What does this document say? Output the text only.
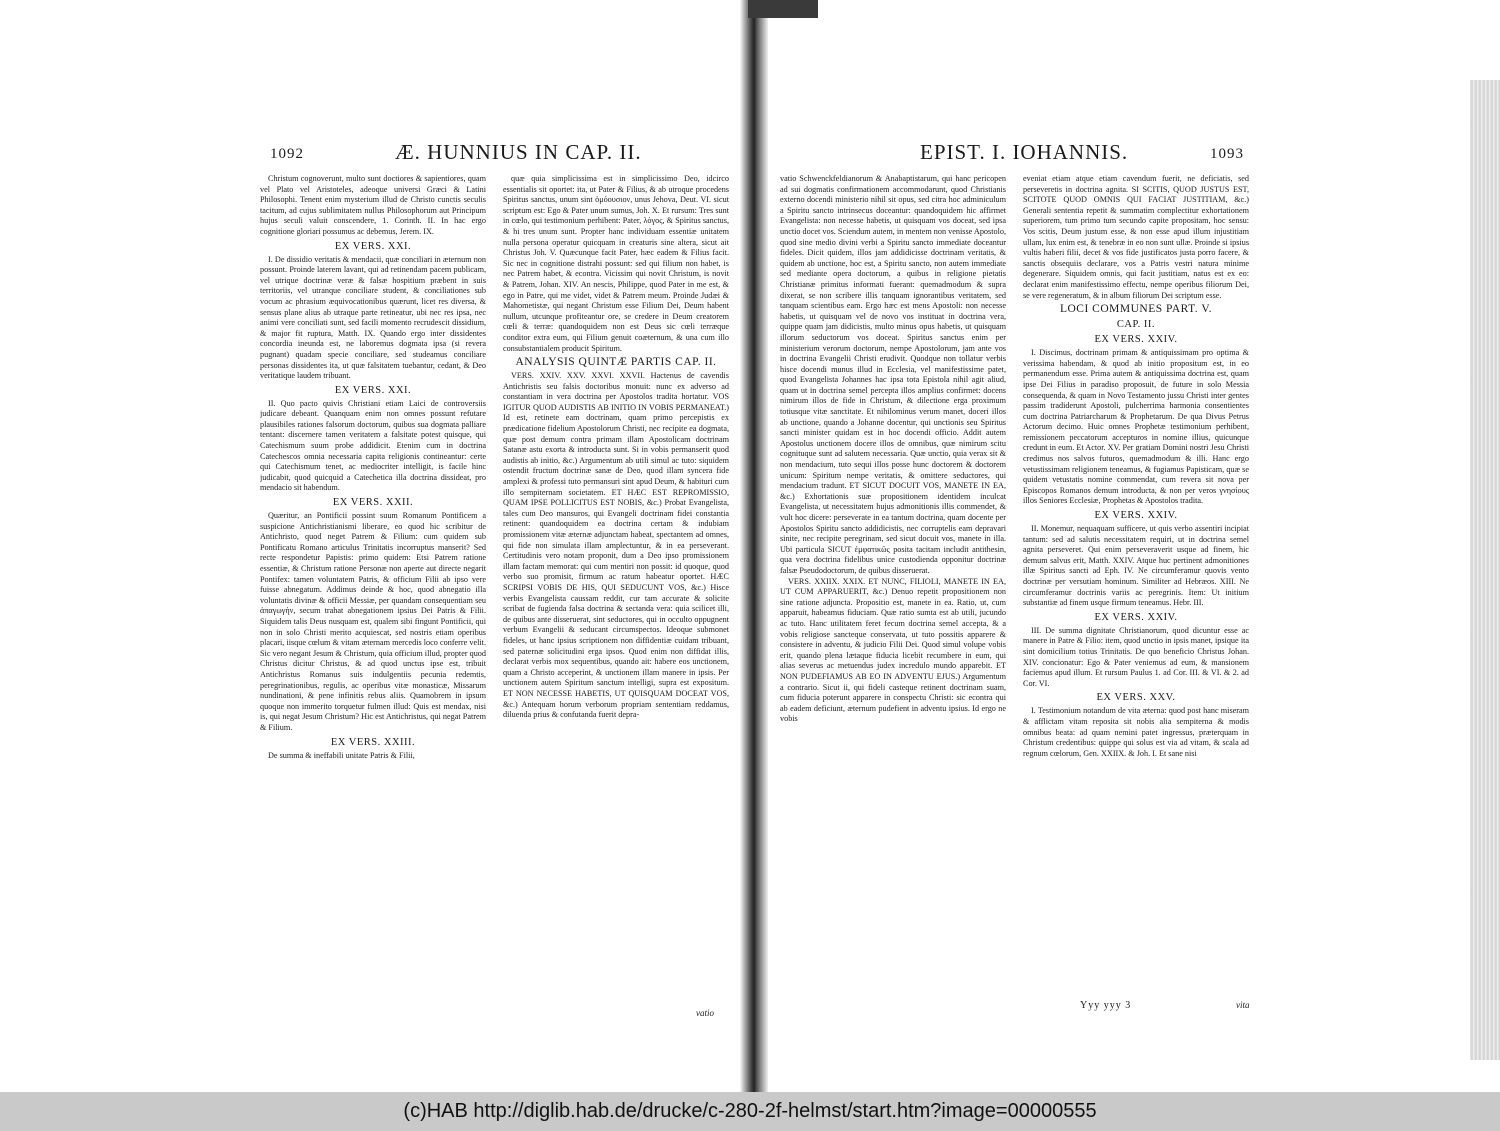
1092	Æ. HUNNIUS IN CAP. II.

Christum cognoverunt, multo sunt doctiores & sapientiores, quam vel Plato vel Aristoteles, adeoque universi Græci & Latini Philosophi. Tenent enim mysterium illud de Christo cunctis seculis tacitum, ad cujus sublimitatem nullus Philosophorum aut Principum hujus seculi valuit conscendere, 1. Corinth. II. In hac ergo cognitione gloriari possumus ac debemus, Jerem. IX.

EX VERS. XXI.

I. De dissidio veritatis & mendacii, quæ conciliari in æternum non possunt. Proinde laterem lavant, qui ad retinendam pacem publicam, vel utrique doctrinæ veræ & falsæ hospitium præbent in suis territoriis, vel utranque conciliare student, & conciliationes sub vocum ac phrasium æquivocationibus quærunt, licet res diversa, & sensus plane alius ab utraque parte retineatur, ubi nec res ipsa, nec animi vere conciliati sunt, sed facili momento recrudescit dissidium, & major fit ruptura, Matth. IX. Quando ergo inter dissidentes concordia ineunda est, ne laboremus dogmata ipsa (si revera pugnant) quadam specie conciliare, sed studeamus conciliare personas dissidentes ita, ut quæ falsitatem tuebantur, cedant, & Deo veritatique laudem tribuant.

EX VERS. XXI.

II. Quo pacto quivis Christiani etiam Laici de controversiis judicare debeant. Quanquam enim non omnes possunt refutare plausibiles rationes falsorum doctorum, quibus sua dogmata palliare tentant: discernere tamen veritatem a falsitate potest quisque, qui Catechismum suum probe addidicit. Etenim cum in doctrina Catechescos omnia necessaria capita religionis contineantur: certe qui Catechismum tenet, ac mediocriter intelligit, is facile hinc judicabit, quod quicquid a Catechetica illa doctrina dissideat, pro mendacio sit habendum.

EX VERS. XXII.

Quæritur, an Pontificii possint suum Romanum Pontificem a suspicione Antichristianismi liberare, eo quod hic scribitur de Antichristo, quod neget Patrem & Filium: cum quidem sub Pontificatu Romano articulus Trinitatis incorruptus manserit? Sed recte respondetur Papistis: primo quidem: Etsi Patrem ratione essentiæ, & Christum ratione Personæ non aperte aut directe negarit Pontifex: tamen voluntatem Patris, & officium Filii ab ipso vere fuisse abnegatum. Addimus deinde & hoc, quod abnegatio illa voluntatis divinæ & officii Messiæ, per quandam consequentiam seu ἀπαγωγὴν, secum trahat abnegationem ipsius Dei Patris & Filii. Siquidem talis Deus nusquam est, qualem sibi fingunt Pontificii, qui non in solo Christi merito acquiescat, sed nostris etiam operibus placari, iisque cœlum & vitam æternam mercedis loco conferre velit. Sic vero negant Jesum & Christum, quia officium illud, propter quod Christus dicitur Christus, & ad quod unctus ipse est, tribuit Antichristus Romanus suis indulgentiis pecunia redemtis, peregrinationibus, regulis, ac operibus vitæ monasticæ, Missarum nundinationi, & pene infinitis rebus aliis. Quamobrem in ipsum quoque non immerito torquetur fulmen illud: Quis est mendax, nisi is, qui negat Jesum Christum? Hic est Antichristus, qui negat Patrem & Filium.

EX VERS. XXIII.

De summa & ineffabili unitate Patris & Filii,

quæ quia simplicissima est in simplicissimo Deo, idcirco essentialis sit oportet: ita, ut Pater & Filius, & ab utroque procedens Spiritus sanctus, unum sint ὁμόουσιον, unus Jehova, Deut. VI. sicut scriptum est: Ego & Pater unum sumus, Joh. X. Et rursum: Tres sunt in cœlo, qui testimonium perhibent: Pater, λόγος, & Spiritus sanctus, & hi tres unum sunt. Propter hanc individuam essentiæ unitatem nulla persona operatur quicquam in creaturis sine altera, sicut ait Christus Joh. V. Quæcunque facit Pater, hæc eadem & Filius facit. Sic nec in cognitione distrahi possunt: sed qui filium non habet, is nec Patrem habet, & econtra. Vicissim qui novit Christum, is novit & Patrem, Johan. XIV. An nescis, Philippe, quod Pater in me est, & ego in Patre, qui me videt, videt & Patrem meum. Proinde Judæi & Mahometistæ, qui negant Christum esse Filium Dei, Deum habent nullum, utcunque profiteantur ore, se credere in Deum creatorem cœli & terræ: quandoquidem non est Deus sic cœli terræque conditor extra eum, qui Filium genuit coæternum, & una cum illo consubstantialem producit Spiritum.

ANALYSIS QUINTÆ PARTIS CAP. II.

VERS. XXIV. XXV. XXVI. XXVII. Hactenus de cavendis Antichristis seu falsis doctoribus monuit: nunc ex adverso ad constantiam in vera doctrina per Apostolos tradita hortatur. VOS IGITUR QUOD AUDISTIS AB INITIO IN VOBIS PERMANEAT.) Id est, retinete eam doctrinam, quam primo percepistis ex prædicatione fidelium Apostolorum Christi, nec recipite ea dogmata, quæ post demum contra primam illam Apostolicam doctrinam Satanæ astu exorta & introducta sunt. Si in vobis permanserit quod audistis ab initio, &c.) Argumentum ab utili simul ac tuto: siquidem ostendit fructum doctrinæ sanæ de Deo, quod illam syncera fide amplexi & professi tuto permansuri sint apud Deum, & habituri cum illo sempiternam societatem. ET HÆC EST REPROMISSIO, QUAM IPSE POLLICITUS EST NOBIS, &c.) Probat Evangelista, tales cum Deo mansuros, qui Evangeli doctrinam fidei constantia retinent: quandoquidem ea doctrina certam & indubiam promissionem vitæ æternæ adjunctam habeat, spectantem ad omnes, qui fide non simulata illam amplectuntur, & in ea perseverant. Certitudinis vero notam proponit, dum a Deo ipso promissionem illam factam memorat: qui cum mentiri non possit: id quoque, quod verbo suo promisit, firmum ac ratum habeatur oportet. HÆC SCRIPSI VOBIS DE HIS, QUI SEDUCUNT VOS, &c.) Hisce verbis Evangelista caussam reddit, cur tam accurate & solicite scribat de fugienda falsa doctrina & sectanda vera: quia scilicet illi, de quibus ante disseruerat, sint seductores, qui in occulto oppugnent verbum Evangelii & seducant circumspectos. Ideoque submonet fideles, ut hanc ipsius scriptionem non diffidentiæ cuidam tribuant, sed paternæ solicitudini erga ipsos. Quod enim non diffidat illis, declarat verbis mox sequentibus, quando ait: habere eos unctionem, quam a Christo acceperint, & unctionem illam manere in ipsis. Per unctionem autem Spiritum sanctum intelligi, supra est expositum. ET NON NECESSE HABETIS, UT QUISQUAM DOCEAT VOS, &c.) Antequam horum verborum propriam sententiam reddamus, diluenda prius & confutanda fuerit depra-

vatio
EPIST. I. IOHANNIS.	1093

vatio Schwenckfeldianorum & Anabaptistarum, qui hanc pericopen ad sui dogmatis confirmationem accommodarunt, quod Christianis externo docendi ministerio nihil sit opus, sed citra hoc adminiculum a Spiritu sancto intrinsecus doceantur: quandoquidem hic affirmet Evangelista: non necesse habetis, ut quisquam vos doceat, sed ipsa unctio docet vos. Sciendum autem, in mentem non venisse Apostolo, quod sine medio divini verbi a Spiritu sancto immediate doceantur fideles. Dicit quidem, illos jam addidicisse doctrinam veritatis, & quidem ab unctione, hoc est, a Spiritu sancto, non autem immediate sed mediante opera doctorum, a quibus in religione pietatis Christianæ primitus informati fuerant: quemadmodum & supra dixerat, se non scribere illis tanquam ignorantibus veritatem, sed tanquam scientibus eam. Ergo hæc est mens Apostoli: non necesse habetis, ut quisquam vel de novo vos instituat in doctrina vera, quippe quam jam didicistis, multo minus opus habetis, ut quisquam illorum seductorum vos doceat. Spiritus sanctus enim per ministerium verorum doctorum, nempe Apostolorum, jam ante vos in doctrina Evangelii Christi erudivit. Quodque non tollatur verbis hisce docendi munus illud in Ecclesia, vel manifestissime patet, quod Evangelista Johannes hac ipsa tota Epistola nihil agit aliud, quam ut in doctrina semel percepta illos amplius confirmet: docens nimirum illos de fide in Christum, & dilectione erga proximum totiusque vitæ sanctitate. Et nihilominus verum manet, doceri illos ab unctione, quando a Johanne docentur, qui unctionis seu Spiritus sancti minister quidam est in hoc docendi officio. Addit autem Apostolus unctionem docere illos de omnibus, quæ nimirum scitu cognituque sunt ad salutem necessaria. Quæ unctio, quia verax sit & non mendacium, tuto sequi illos posse hunc doctorem & doctorem unicum: Spiritum nempe veritatis, & omittere seductores, qui mendacium tradunt. ET SICUT DOCUIT VOS, MANETE IN EA, &c.) Exhortationis suæ propositionem identidem inculcat Evangelista, ut necessitatem hujus admonitionis illis commendet, & vult hoc dicere: perseverate in ea tantum doctrina, quam docente per Apostolos Spiritu sancto addidicistis, nec corruptelis eam depravari sinite, nec recipite peregrinam, sed sicut docuit vos, manete in illa. Ubi particula SICUT ἐμφατικῶς posita tacitam includit antithesin, qua vera doctrina fidelibus unice custodienda opponitur doctrinæ falsæ Pseudodoctorum, de quibus disseruerat.

VERS. XXIIX. XXIX. ET NUNC, FILIOLI, MANETE IN EA, UT CUM APPARUERIT, &c.) Denuo repetit propositionem non sine ratione adjuncta. Propositio est, manete in ea. Ratio, ut, cum apparuit, habeamus fiduciam. Quæ ratio sumta est ab utili, jucundo ac tuto. Hanc utilitatem feret fecum doctrina semel accepta, & a vobis religiose sancteque conservata, ut tuto possitis apparere & consistere in adventu, & judicio Filii Dei. Quod simul volupe vobis erit, quando plena lætaque fiducia licebit recumbere in eum, qui alias severus ac metuendus judex incredulo mundo apparebit. ET NON PUDEFIAMUS AB EO IN ADVENTU EJUS.) Argumentum a contrario. Sicut ii, qui fideli casteque retinent doctrinam suam, cum fiducia poterunt apparere in conspectu Christi: sic econtra qui ab eadem deficiunt, æternum pudefient in adventu ipsius. Id ergo ne vobis

eveniat etiam atque etiam cavendum fuerit, ne deficiatis, sed perseveretis in doctrina agnita. SI SCITIS, QUOD JUSTUS EST, SCITOTE QUOD OMNIS QUI FACIAT JUSTITIAM, &c.) Generali sententia repetit & summatim complectitur exhortationem superiorem, tum primo tum secundo capite propositam, hoc sensu: Vos scitis, Deum justum esse, & non esse apud illum injustitiam ullam, lux enim est, & tenebræ in eo non sunt ullæ. Proinde si ipsius vultis haberi filii, decet & vos fide justificatos justa porro facere, & sanctis obsequiis declarare, vos a Patris vestri natura minime degenerare. Siquidem omnis, qui facit justitiam, natus est ex eo: declarat enim manifestissimo effectu, nempe operibus filiorum Dei, se vere regeneratum, & in album filiorum Dei scriptum esse.

LOCI COMMUNES PART. V.
CAP. II.
EX VERS. XXIV.

I. Discimus, doctrinam primam & antiquissimam pro optima & verissima habendam, & quod ab initio propositum est, in eo permanendum esse. Prima autem & antiquissima doctrina est, quam ipse Dei Filius in paradiso proposuit, de future in solo Messia consequenda, & quam in Novo Testamento jussu Christi inter gentes passim tradiderunt Apostoli, pulcherrima harmonia consentientes cum doctrina Patriarcharum & Prophetarum. De qua Divus Petrus Actorum decimo. Huic omnes Prophetæ testimonium perhibent, remissionem peccatorum accepturos in nomine illius, quicunque credunt in eum. Et Actor. XV. Per gratiam Domini nostri Jesu Christi credimus nos salvos futuros, quemadmodum & illi. Hanc ergo vetustissimam religionem teneamus, & fugiamus Papisticam, quæ se quidem vetustatis nomine commendat, cum revera sit nova per Episcopos Romanos demum introducta, & non per veros γνησίους illos Seniores Ecclesiæ, Prophetas & Apostolos tradita.

EX VERS. XXIV.

II. Monemur, nequaquam sufficere, ut quis verbo assentiri incipiat tantum: sed ad salutis necessitatem requiri, ut in doctrina semel agnita perseveret. Qui enim perseveraverit usque ad finem, hic demum salvus erit, Matth. XXIV. Atque huc pertinent admonitiones illæ Spiritus sancti ad Eph. IV. Ne circumferamur quovis vento doctrinæ per versutiam hominum. Similiter ad Hebræos. XIII. Ne circumferamur doctrinis variis ac peregrinis. Item: Ut initium substantiæ ad finem usque firmum teneamus. Hebr. III.

EX VERS. XXIV.

III. De summa dignitate Christianorum, quod dicuntur esse ac manere in Patre & Filio: item, quod unctio in ipsis manet, ipsique ita sint domicilium totius Trinitatis. De quo beneficio Christus Johan. XIV. concionatur: Ego & Pater veniemus ad eum, & mansionem faciemus apud illum. Et rursum Paulus 1. ad Cor. III. & VI. & 2. ad Cor. VI.

EX VERS. XXV.

I. Testimonium notandum de vita æterna: quod post hanc miseram & afflictam vitam reposita sit nobis alia sempiterna & modis omnibus beata: ad quam nemini patet ingressus, præterquam in Christum credentibus: quippe qui solus est via ad vitam, & scala ad regnum cœlorum, Gen. XXIIX. & Joh. I. Et sane nisi

Yyy yyy 3	vita
(c)HAB http://diglib.hab.de/drucke/c-280-2f-helmst/start.htm?image=00000555
